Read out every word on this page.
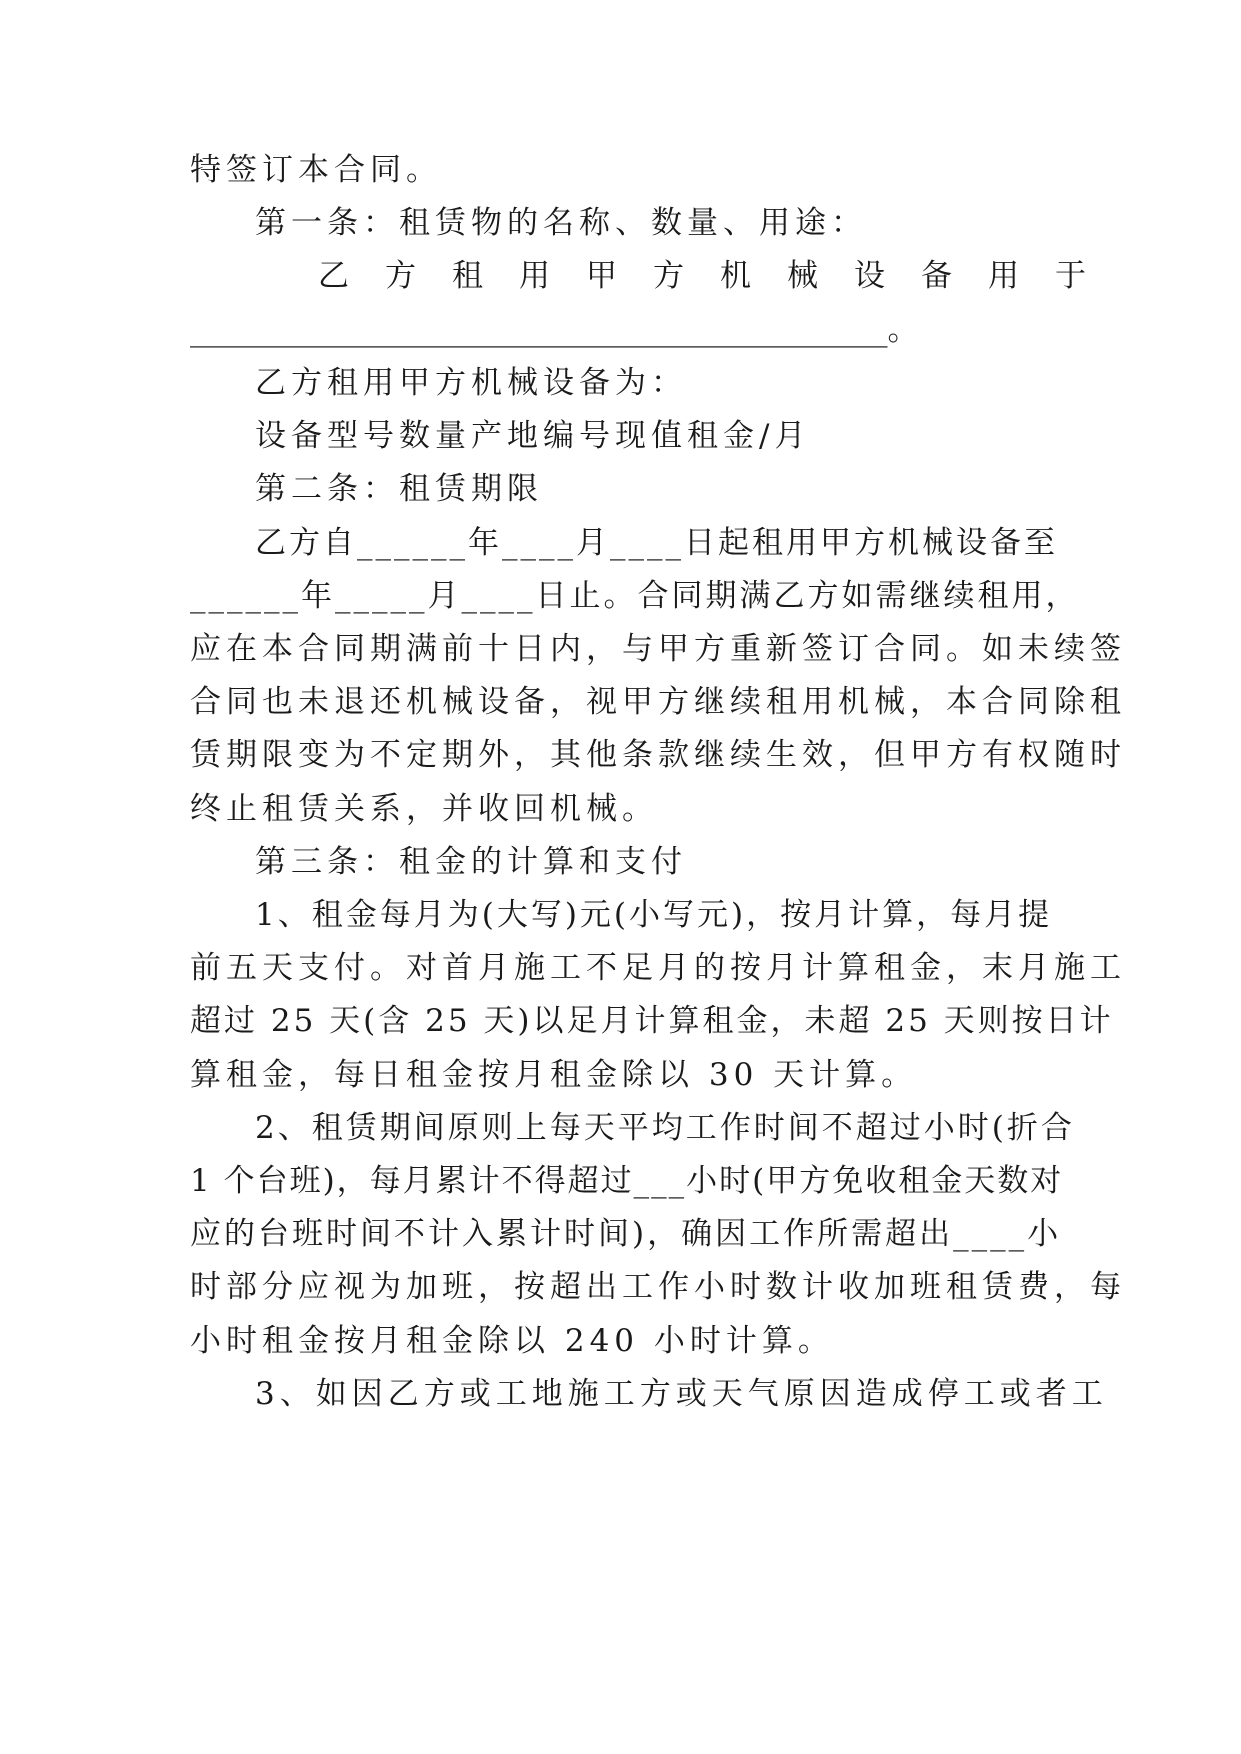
特签订本合同。
第一条：租赁物的名称、数量、用途：
乙方租用甲方机械设备用于
_____________________________________________。
乙方租用甲方机械设备为：
设备型号数量产地编号现值租金/月
第二条：租赁期限
乙方自______年____月____日起租用甲方机械设备至
______年_____月____日止。合同期满乙方如需继续租用，
应在本合同期满前十日内，与甲方重新签订合同。如未续签
合同也未退还机械设备，视甲方继续租用机械，本合同除租
赁期限变为不定期外，其他条款继续生效，但甲方有权随时
终止租赁关系，并收回机械。
第三条：租金的计算和支付
1、租金每月为(大写)元(小写元)，按月计算，每月提
前五天支付。对首月施工不足月的按月计算租金，末月施工
超过 25 天(含 25 天)以足月计算租金，未超 25 天则按日计
算租金，每日租金按月租金除以 30 天计算。
2、租赁期间原则上每天平均工作时间不超过小时(折合
1 个台班)，每月累计不得超过___小时(甲方免收租金天数对
应的台班时间不计入累计时间)，确因工作所需超出____小
时部分应视为加班，按超出工作小时数计收加班租赁费，每
小时租金按月租金除以 240 小时计算。
3、如因乙方或工地施工方或天气原因造成停工或者工
